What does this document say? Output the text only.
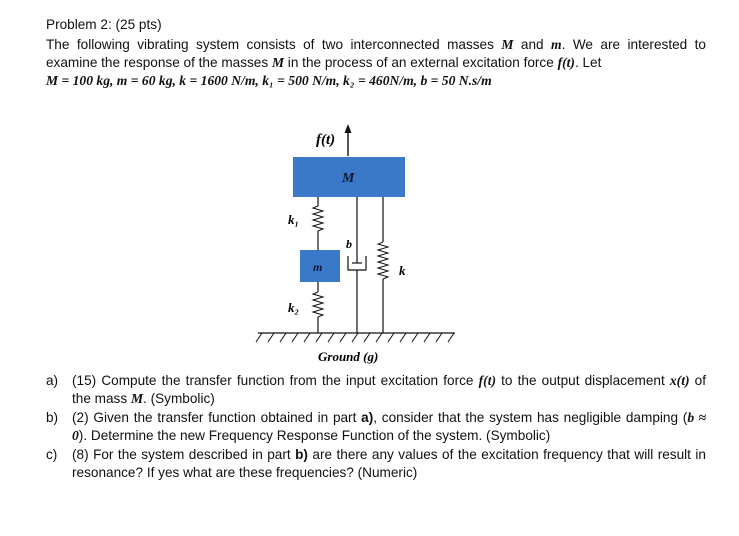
Problem 2: (25 pts)
The following vibrating system consists of two interconnected masses M and m. We are interested to examine the response of the masses M in the process of an external excitation force f(t). Let
M = 100 kg, m = 60 kg, k = 1600 N/m, k₁ = 500 N/m, k₂ = 460N/m, b = 50 N.s/m
f(t)
M
k₁
m
k₂
b
k
Ground (g)
a) (15) Compute the transfer function from the input excitation force f(t) to the output displacement x(t) of the mass M. (Symbolic)
b) (2) Given the transfer function obtained in part a), consider that the system has negligible damping (b ≈ 0). Determine the new Frequency Response Function of the system. (Symbolic)
c) (8) For the system described in part b) are there any values of the excitation frequency that will result in resonance? If yes what are these frequencies? (Numeric)
